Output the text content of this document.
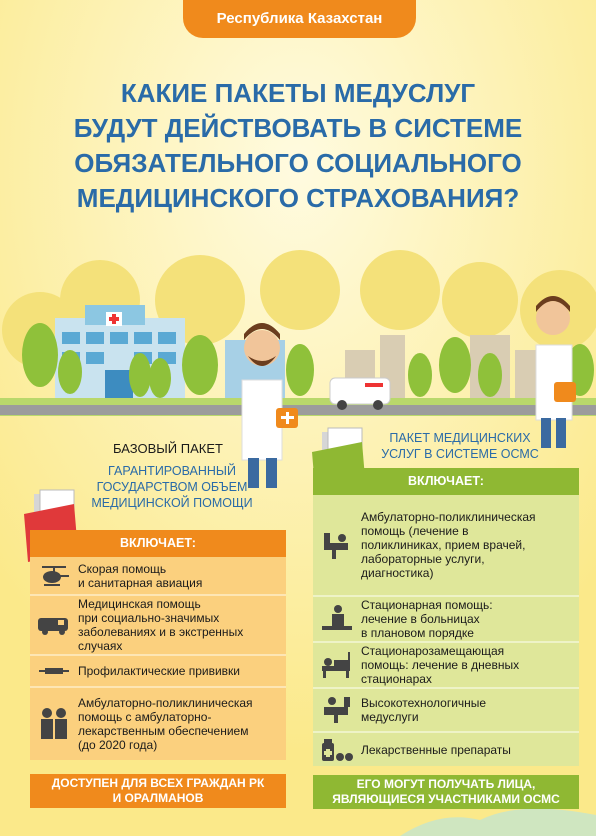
Республика Казахстан
КАКИЕ ПАКЕТЫ МЕДУСЛУГ
БУДУТ ДЕЙСТВОВАТЬ В СИСТЕМЕ
ОБЯЗАТЕЛЬНОГО СОЦИАЛЬНОГО
МЕДИЦИНСКОГО СТРАХОВАНИЯ?
БАЗОВЫЙ ПАКЕТ
ГАРАНТИРОВАННЫЙ
ГОСУДАРСТВОМ ОБЪЕМ
МЕДИЦИНСКОЙ ПОМОЩИ
ПАКЕТ МЕДИЦИНСКИХ
УСЛУГ В СИСТЕМЕ ОСМС
ВКЛЮЧАЕТ:
Скорая помощь
и санитарная авиация
Медицинская помощь
при социально-значимых
заболеваниях и в экстренных
случаях
Профилактические прививки
Амбулаторно-поликлиническая
помощь с амбулаторно-
лекарственным обеспечением
(до 2020 года)
ДОСТУПЕН ДЛЯ ВСЕХ ГРАЖДАН РК
И ОРАЛМАНОВ
ВКЛЮЧАЕТ:
Амбулаторно-поликлиническая
помощь (лечение в
поликлиниках, прием врачей,
лабораторные услуги,
диагностика)
Стационарная помощь:
лечение в больницах
в плановом порядке
Стационарозамещающая
помощь: лечение в дневных
стационарах
Высокотехнологичные
медуслуги
Лекарственные препараты
ЕГО МОГУТ ПОЛУЧАТЬ ЛИЦА,
ЯВЛЯЮЩИЕСЯ УЧАСТНИКАМИ ОСМС
